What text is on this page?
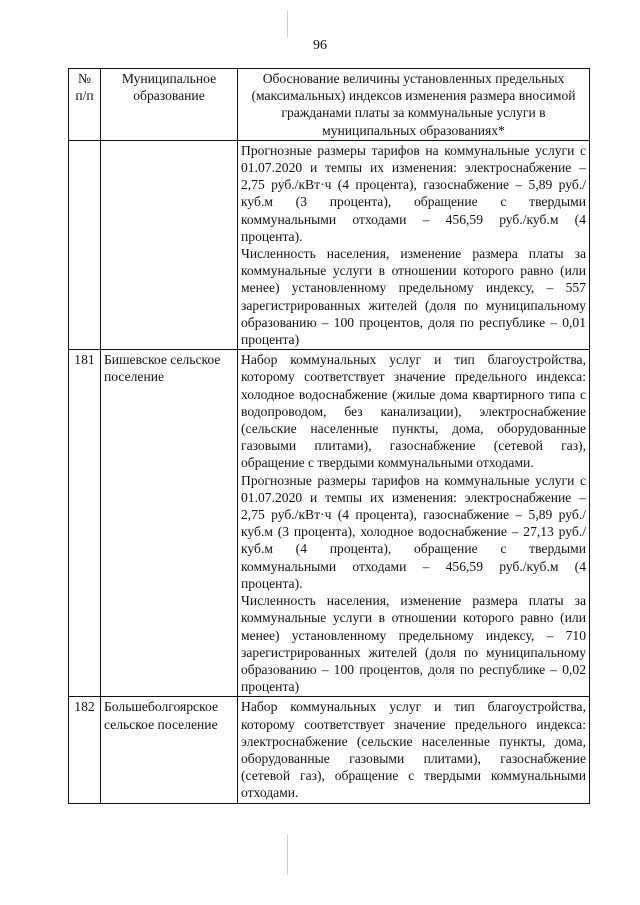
96
№ п/п	Муниципальное образование	Обоснование величины установленных предельных (максимальных) индексов изменения размера вносимой гражданами платы за коммунальные услуги в муниципальных образованиях*

		Прогнозные размеры тарифов на коммунальные услуги с 01.07.2020 и темпы их изменения: электроснабжение – 2,75 руб./кВт·ч (4 процента), газоснабжение – 5,89 руб./куб.м (3 процента), обращение с твердыми коммунальными отходами – 456,59 руб./куб.м (4 процента).

Численность населения, изменение размера платы за коммунальные услуги в отношении которого равно (или менее) установленному предельному индексу, – 557 зарегистрированных жителей (доля по муниципальному образованию – 100 процентов, доля по республике – 0,01 процента)

181	Бишевское сельское поселение	Набор коммунальных услуг и тип благоустройства, которому соответствует значение предельного индекса: холодное водоснабжение (жилые дома квартирного типа с водопроводом, без канализации), электроснабжение (сельские населенные пункты, дома, оборудованные газовыми плитами), газоснабжение (сетевой газ), обращение с твердыми коммунальными отходами.

Прогнозные размеры тарифов на коммунальные услуги с 01.07.2020 и темпы их изменения: электроснабжение – 2,75 руб./кВт·ч (4 процента), газоснабжение – 5,89 руб./куб.м (3 процента), холодное водоснабжение – 27,13 руб./куб.м (4 процента), обращение с твердыми коммунальными отходами – 456,59 руб./куб.м (4 процента).

Численность населения, изменение размера платы за коммунальные услуги в отношении которого равно (или менее) установленному предельному индексу, – 710 зарегистрированных жителей (доля по муниципальному образованию – 100 процентов, доля по республике – 0,02 процента)

182	Большеболгоярское сельское поселение	Набор коммунальных услуг и тип благоустройства, которому соответствует значение предельного индекса: электроснабжение (сельские населенные пункты, дома, оборудованные газовыми плитами), газоснабжение (сетевой газ), обращение с твердыми коммунальными отходами.
